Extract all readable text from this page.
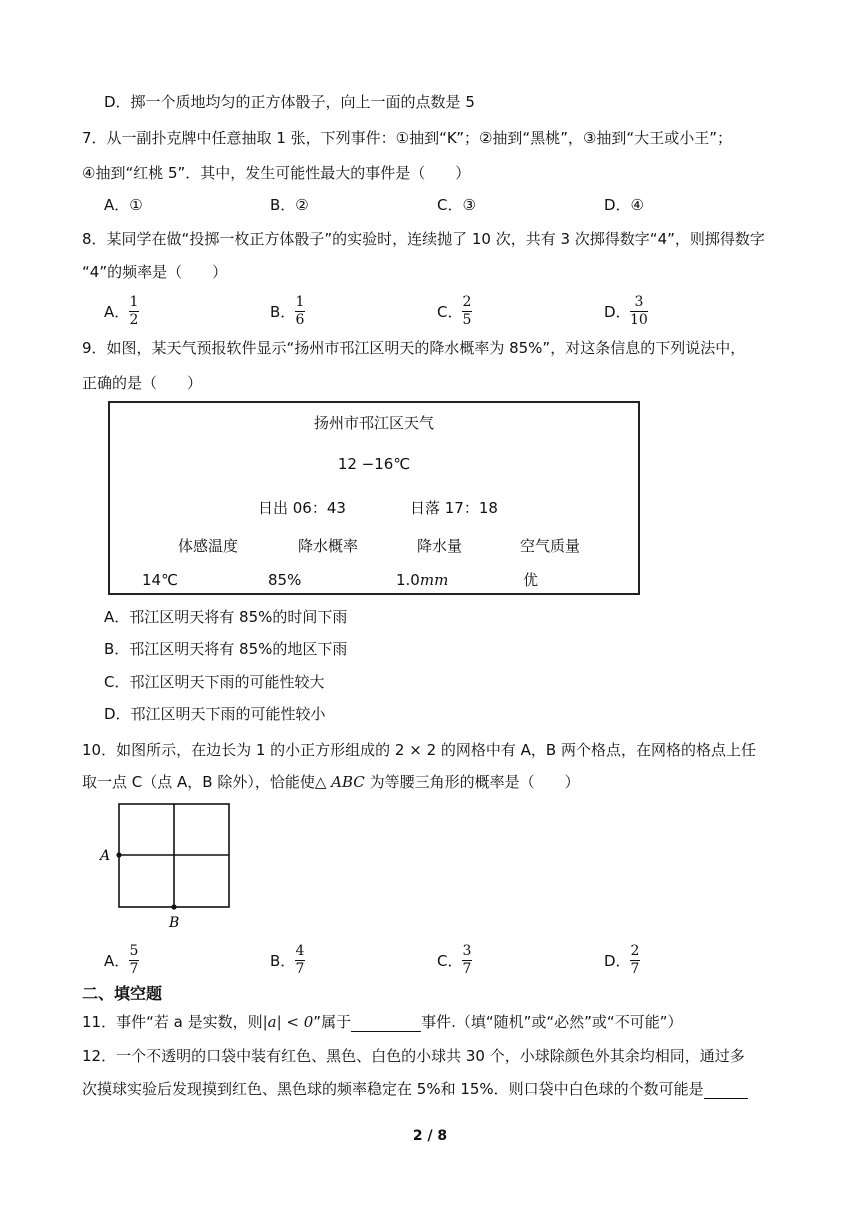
D．掷一个质地均匀的正方体骰子，向上一面的点数是 5
7．从一副扑克牌中任意抽取 1 张，下列事件：①抽到“K”；②抽到“黑桃”，③抽到“大王或小王”；
④抽到“红桃 5”．其中，发生可能性最大的事件是（　　）
A．①	B．②	C．③	D．④
8．某同学在做“投掷一枚正方体骰子”的实验时，连续抛了 10 次，共有 3 次掷得数字“4”，则掷得数字
“4”的频率是（　　）
A．
1
2	B．
1
6	C．
2
5	D．
3
10
9．如图，某天气预报软件显示“扬州市邗江区明天的降水概率为 85%”，对这条信息的下列说法中，
正确的是（　　）
扬州市邗江区天气
12 −16℃
日出 06：43	日落 17：18
体感温度	降水概率	降水量	空气质量
14℃	85%	1.0mm	优
A．邗江区明天将有 85%的时间下雨
B．邗江区明天将有 85%的地区下雨
C．邗江区明天下雨的可能性较大
D．邗江区明天下雨的可能性较小
10．如图所示，在边长为 1 的小正方形组成的 2 × 2 的网格中有 A，B 两个格点，在网格的格点上任
取一点 C（点 A，B 除外），恰能使△ ABC 为等腰三角形的概率是（　　）
A
B
A．
5
7	B．
4
7	C．
3
7	D．
2
7
二、填空题
11．事件“若 a 是实数，则|a| < 0”属于	事件.（填“随机”或“必然”或“不可能”）
12．一个不透明的口袋中装有红色、黑色、白色的小球共 30 个，小球除颜色外其余均相同，通过多
次摸球实验后发现摸到红色、黑色球的频率稳定在 5%和 15%．则口袋中白色球的个数可能是
2 / 8
